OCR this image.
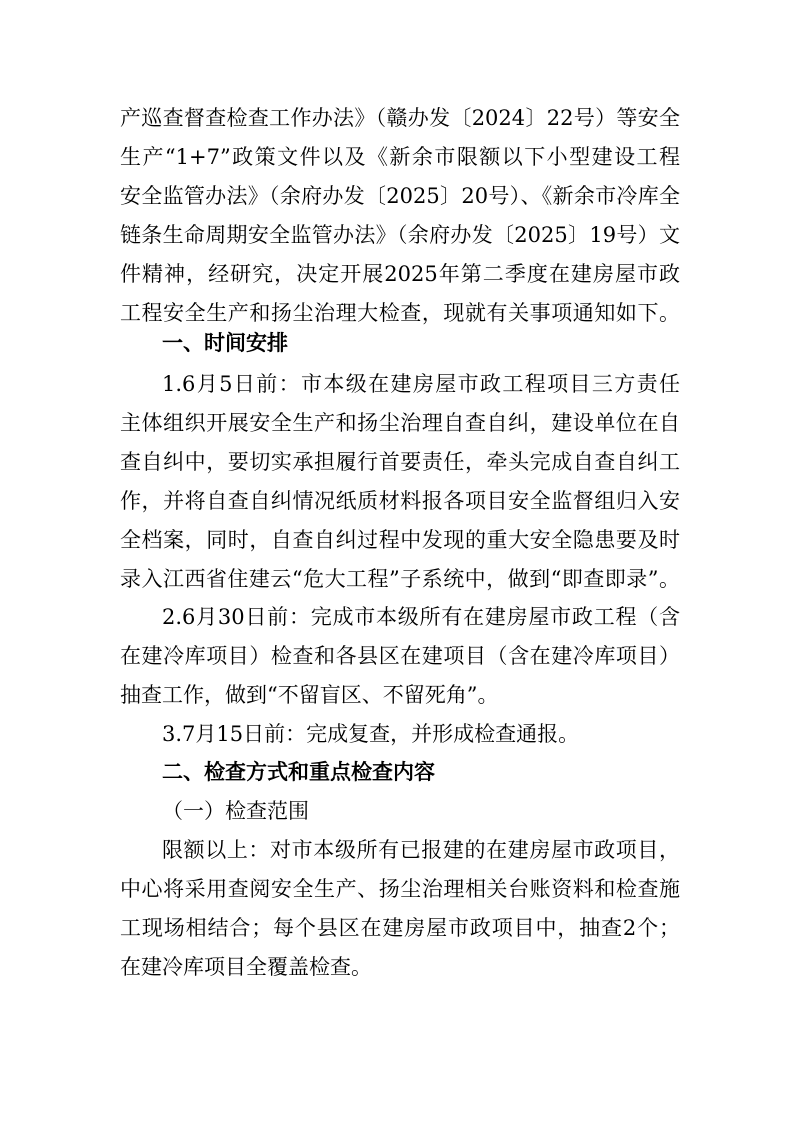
产巡查督查检查工作办法》（赣办发〔2024〕22号）等安全
生产“1+7”政策文件以及《新余市限额以下小型建设工程
安全监管办法》（余府办发〔2025〕20号）、《新余市冷库全
链条生命周期安全监管办法》（余府办发〔2025〕19号）文
件精神，经研究，决定开展2025年第二季度在建房屋市政
工程安全生产和扬尘治理大检查，现就有关事项通知如下。
一、时间安排
1.6月5日前：市本级在建房屋市政工程项目三方责任
主体组织开展安全生产和扬尘治理自查自纠，建设单位在自
查自纠中，要切实承担履行首要责任，牵头完成自查自纠工
作，并将自查自纠情况纸质材料报各项目安全监督组归入安
全档案，同时，自查自纠过程中发现的重大安全隐患要及时
录入江西省住建云“危大工程”子系统中，做到“即查即录”。
2.6月30日前：完成市本级所有在建房屋市政工程（含
在建冷库项目）检查和各县区在建项目（含在建冷库项目）
抽查工作，做到“不留盲区、不留死角”。
3.7月15日前：完成复查，并形成检查通报。
二、检查方式和重点检查内容
（一）检查范围
限额以上：对市本级所有已报建的在建房屋市政项目，
中心将采用查阅安全生产、扬尘治理相关台账资料和检查施
工现场相结合；每个县区在建房屋市政项目中，抽查2个；
在建冷库项目全覆盖检查。
